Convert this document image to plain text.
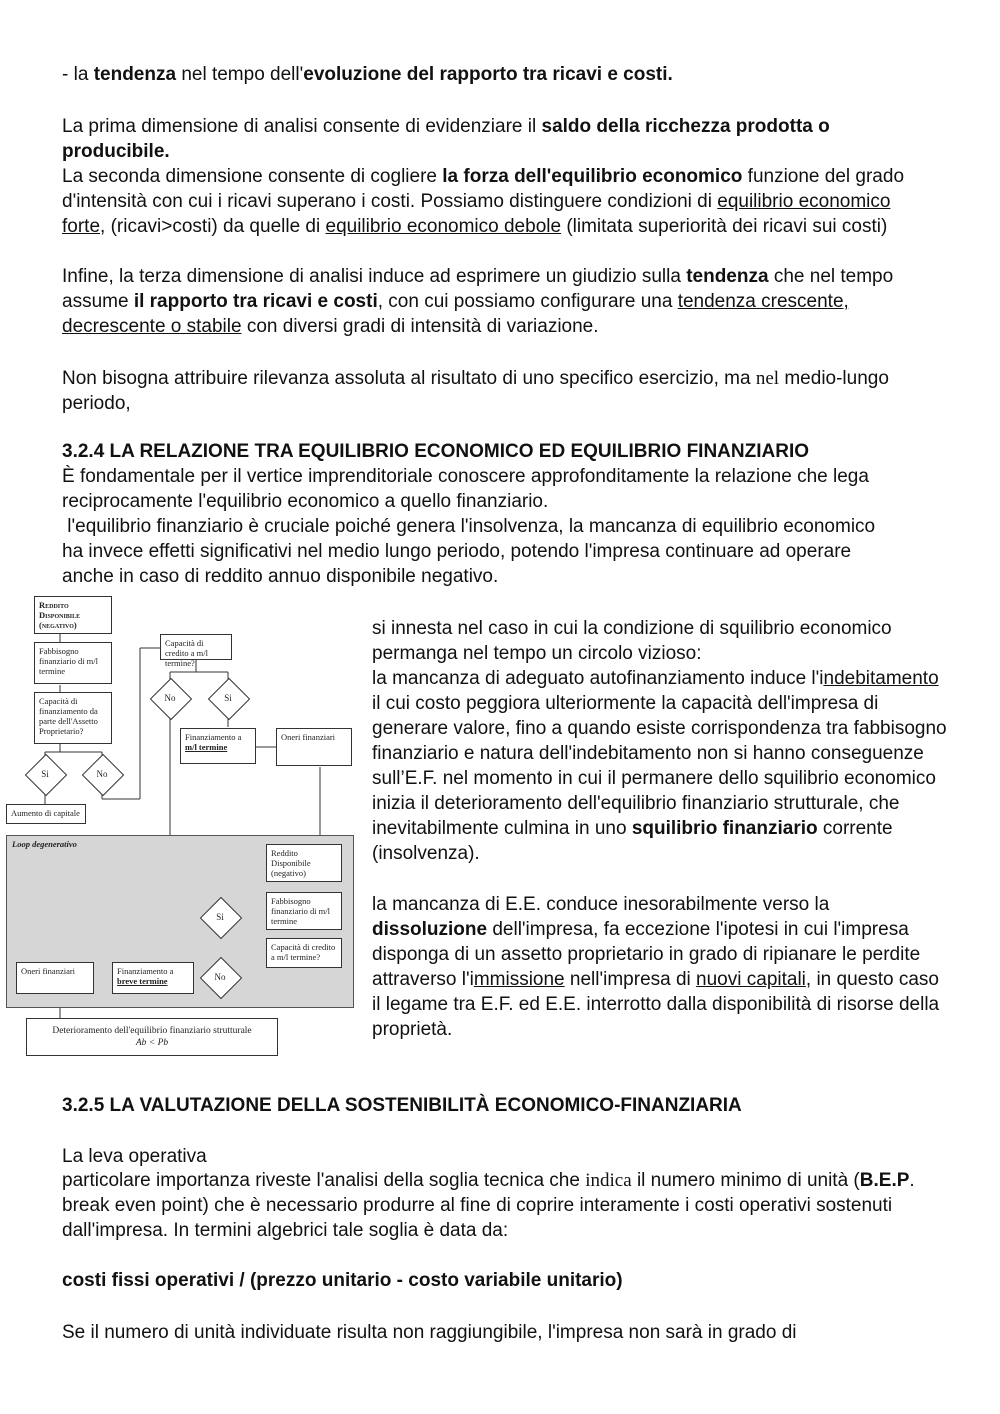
- la tendenza nel tempo dell'evoluzione del rapporto tra ricavi e costi.

La prima dimensione di analisi consente di evidenziare il saldo della ricchezza prodotta o producibile.

La seconda dimensione consente di cogliere la forza dell'equilibrio economico funzione del grado d'intensità con cui i ricavi superano i costi. Possiamo distinguere condizioni di equilibrio economico forte, (ricavi>costi) da quelle di equilibrio economico debole (limitata superiorità dei ricavi sui costi)

Infine, la terza dimensione di analisi induce ad esprimere un giudizio sulla tendenza che nel tempo assume il rapporto tra ricavi e costi, con cui possiamo configurare una tendenza crescente, decrescente o stabile con diversi gradi di intensità di variazione.

Non bisogna attribuire rilevanza assoluta al risultato di uno specifico esercizio, ma nel medio-lungo periodo,

3.2.4 LA RELAZIONE TRA EQUILIBRIO ECONOMICO ED EQUILIBRIO FINANZIARIO

È fondamentale per il vertice imprenditoriale conoscere approfonditamente la relazione che lega reciprocamente l'equilibrio economico a quello finanziario.

l'equilibrio finanziario è cruciale poiché genera l'insolvenza, la mancanza di equilibrio economico ha invece effetti significativi nel medio lungo periodo, potendo l'impresa continuare ad operare anche in caso di reddito annuo disponibile negativo.

Reddito
Disponibile
(negativo)
Fabbisogno finanziario di m/l termine
Capacità di finanziamento da parte dell'Assetto Proprietario?
Si	No
Aumento di capitale
Capacità di credito a m/l termine?
No	Si
Finanziamento a
m/l termine
Oneri finanziari
Loop degenerativo
Reddito Disponibile (negativo)
Fabbisogno finanziario di m/l termine
Si
Capacità di credito a m/l termine?
Oneri finanziari	Finanziamento a
breve termine	No
Deterioramento dell'equilibrio finanziario strutturale
Ab < Pb

si innesta nel caso in cui la condizione di squilibrio economico permanga nel tempo un circolo vizioso:

la mancanza di adeguato autofinanziamento induce l'indebitamento il cui costo peggiora ulteriormente la capacità dell'impresa di generare valore, fino a quando esiste corrispondenza tra fabbisogno finanziario e natura dell'indebitamento non si hanno conseguenze sull’E.F. nel momento in cui il permanere dello squilibrio economico inizia il deterioramento dell'equilibrio finanziario strutturale, che inevitabilmente culmina in uno squilibrio finanziario corrente (insolvenza).

la mancanza di E.E. conduce inesorabilmente verso la dissoluzione dell'impresa, fa eccezione l'ipotesi in cui l'impresa disponga di un assetto proprietario in grado di ripianare le perdite attraverso l'immissione nell'impresa di nuovi capitali, in questo caso il legame tra E.F. ed E.E. interrotto dalla disponibilità di risorse della proprietà.

3.2.5 LA VALUTAZIONE DELLA SOSTENIBILITÀ ECONOMICO-FINANZIARIA

La leva operativa

particolare importanza riveste l'analisi della soglia tecnica che indica il numero minimo di unità (B.E.P. break even point) che è necessario produrre al fine di coprire interamente i costi operativi sostenuti dall'impresa. In termini algebrici tale soglia è data da:

costi fissi operativi / (prezzo unitario - costo variabile unitario)

Se il numero di unità individuate risulta non raggiungibile, l'impresa non sarà in grado di
